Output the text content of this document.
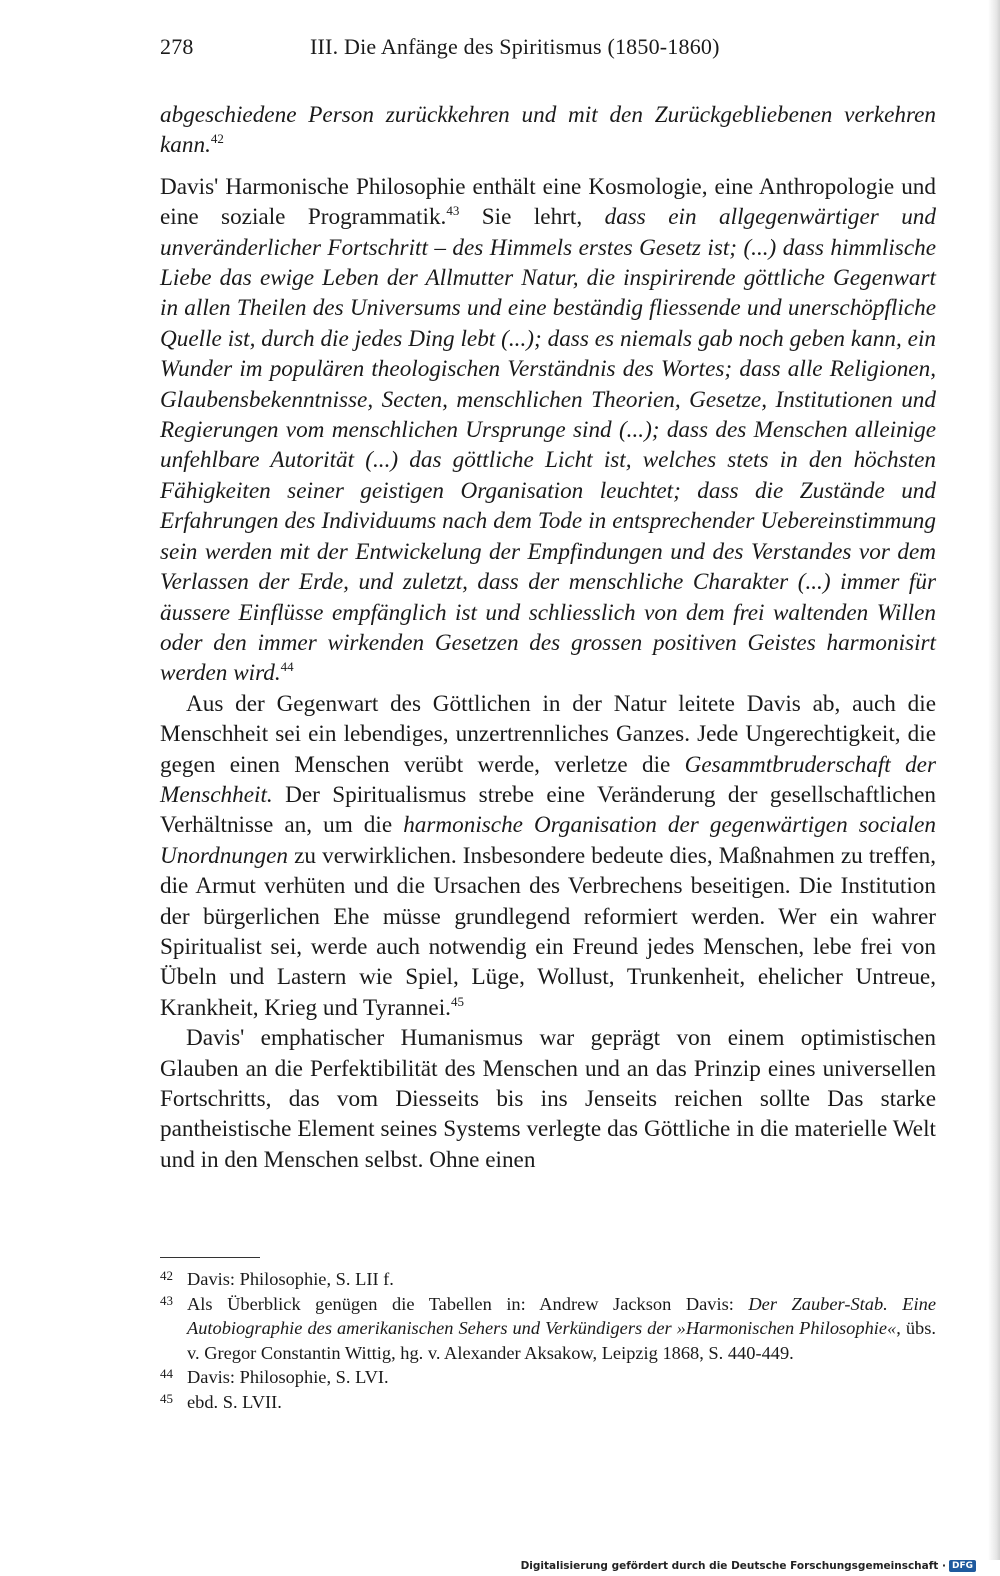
278	III. Die Anfänge des Spiritismus (1850-1860)

abgeschiedene Person zurückkehren und mit den Zurückgebliebenen verkehren kann.$^{42}$

Davis' Harmonische Philosophie enthält eine Kosmologie, eine Anthropologie und eine soziale Programmatik.$^{43}$ Sie lehrt, dass ein allgegenwärtiger und unveränderlicher Fortschritt – des Himmels erstes Gesetz ist; (...) dass himmlische Liebe das ewige Leben der Allmutter Natur, die inspirirende göttliche Gegenwart in allen Theilen des Universums und eine beständig fliessende und unerschöpfliche Quelle ist, durch die jedes Ding lebt (...); dass es niemals gab noch geben kann, ein Wunder im populären theologischen Verständnis des Wortes; dass alle Religionen, Glaubensbekenntnisse, Secten, menschlichen Theorien, Gesetze, Institutionen und Regierungen vom menschlichen Ursprunge sind (...); dass des Menschen alleinige unfehlbare Autorität (...) das göttliche Licht ist, welches stets in den höchsten Fähigkeiten seiner geistigen Organisation leuchtet; dass die Zustände und Erfahrungen des Individuums nach dem Tode in entsprechender Uebereinstimmung sein werden mit der Entwickelung der Empfindungen und des Verstandes vor dem Verlassen der Erde, und zuletzt, dass der menschliche Charakter (...) immer für äussere Einflüsse empfänglich ist und schliesslich von dem frei waltenden Willen oder den immer wirkenden Gesetzen des grossen positiven Geistes harmonisirt werden wird.$^{44}$

Aus der Gegenwart des Göttlichen in der Natur leitete Davis ab, auch die Menschheit sei ein lebendiges, unzertrennliches Ganzes. Jede Ungerechtigkeit, die gegen einen Menschen verübt werde, verletze die Gesammtbruderschaft der Menschheit. Der Spiritualismus strebe eine Veränderung der gesellschaftlichen Verhältnisse an, um die harmonische Organisation der gegenwärtigen socialen Unordnungen zu verwirklichen. Insbesondere bedeute dies, Maßnahmen zu treffen, die Armut verhüten und die Ursachen des Verbrechens beseitigen. Die Institution der bürgerlichen Ehe müsse grundlegend reformiert werden. Wer ein wahrer Spiritualist sei, werde auch notwendig ein Freund jedes Menschen, lebe frei von Übeln und Lastern wie Spiel, Lüge, Wollust, Trunkenheit, ehelicher Untreue, Krankheit, Krieg und Tyrannei.$^{45}$

Davis' emphatischer Humanismus war geprägt von einem optimistischen Glauben an die Perfektibilität des Menschen und an das Prinzip eines universellen Fortschritts, das vom Diesseits bis ins Jenseits reichen sollte Das starke pantheistische Element seines Systems verlegte das Göttliche in die materielle Welt und in den Menschen selbst. Ohne einen

42 Davis: Philosophie, S. LII f.
43 Als Überblick genügen die Tabellen in: Andrew Jackson Davis: Der Zauber-Stab. Eine Autobiographie des amerikanischen Sehers und Verkündigers der »Harmonischen Philosophie«, übs. v. Gregor Constantin Wittig, hg. v. Alexander Aksakow, Leipzig 1868, S. 440-449.
44 Davis: Philosophie, S. LVI.
45 ebd. S. LVII.
Digitalisierung gefördert durch die Deutsche Forschungsgemeinschaft · DFG
